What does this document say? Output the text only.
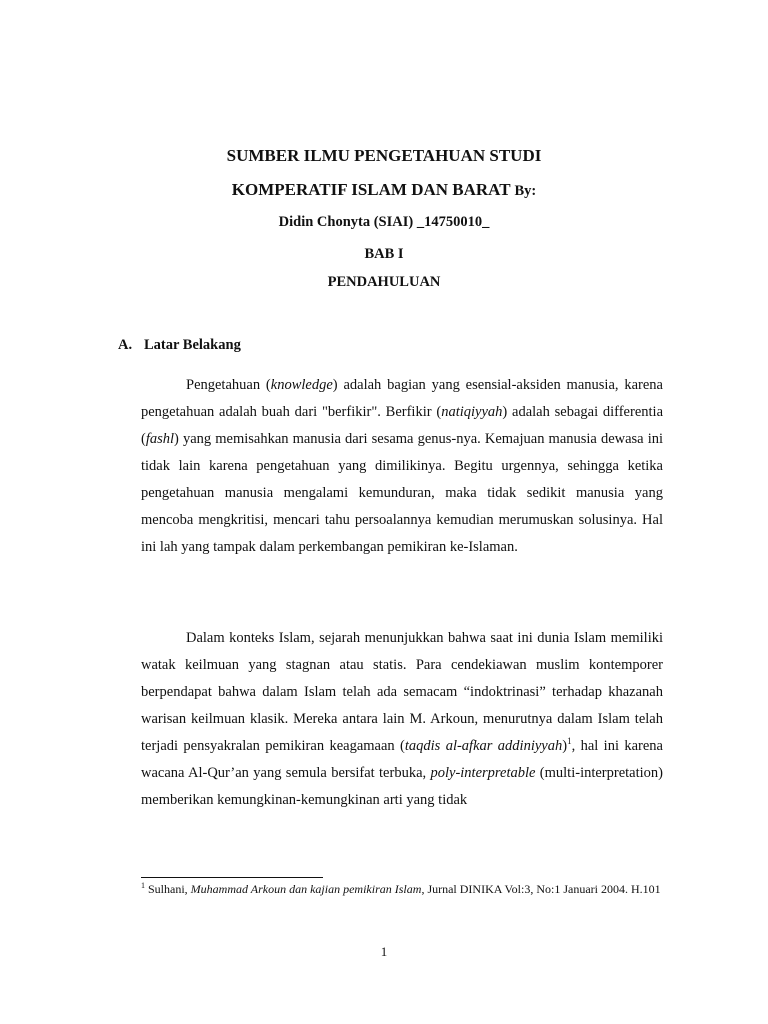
SUMBER ILMU PENGETAHUAN STUDI
KOMPERATIF ISLAM DAN BARAT By:
Didin Chonyta (SIAI) _14750010_
BAB I
PENDAHULUAN
A. Latar Belakang

Pengetahuan (knowledge) adalah bagian yang esensial-aksiden manusia, karena pengetahuan adalah buah dari "berfikir". Berfikir (natiqiyyah) adalah sebagai differentia (fashl) yang memisahkan manusia dari sesama genus-nya. Kemajuan manusia dewasa ini tidak lain karena pengetahuan yang dimilikinya. Begitu urgennya, sehingga ketika pengetahuan manusia mengalami kemunduran, maka tidak sedikit manusia yang mencoba mengkritisi, mencari tahu persoalannya kemudian merumuskan solusinya. Hal ini lah yang tampak dalam perkembangan pemikiran ke-Islaman.

Dalam konteks Islam, sejarah menunjukkan bahwa saat ini dunia Islam memiliki watak keilmuan yang stagnan atau statis. Para cendekiawan muslim kontemporer berpendapat bahwa dalam Islam telah ada semacam “indoktrinasi” terhadap khazanah warisan keilmuan klasik. Mereka antara lain M. Arkoun, menurutnya dalam Islam telah terjadi pensyakralan pemikiran keagamaan (taqdis al-afkar addiniyyah)$^1$, hal ini karena wacana Al-Qur’an yang semula bersifat terbuka, poly-interpretable (multi-interpretation) memberikan kemungkinan-kemungkinan arti yang tidak

$^1$ Sulhani, Muhammad Arkoun dan kajian pemikiran Islam, Jurnal DINIKA Vol:3, No:1 Januari 2004. H.101

1
